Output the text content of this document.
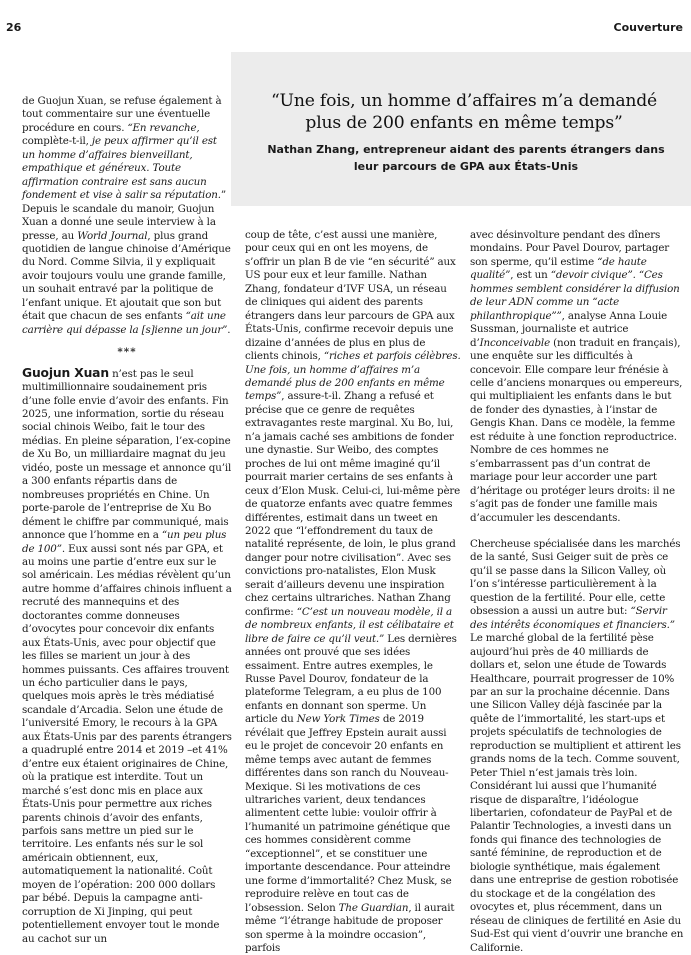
26	Couverture
“Une fois, un homme d’affaires m’a demandé plus de 200 enfants en même temps”
Nathan Zhang, entrepreneur aidant des parents étrangers dans leur parcours de GPA aux États-Unis

de Guojun Xuan, se refuse également à tout commentaire sur une éventuelle procédure en cours. “En revanche, complète-t-il, je peux affirmer qu’il est un homme d’affaires bienveillant, empathique et généreux. Toute affirmation contraire est sans aucun fondement et vise à salir sa réputation.” Depuis le scandale du manoir, Guojun Xuan a donné une seule interview à la presse, au World Journal, plus grand quotidien de langue chinoise d’Amérique du Nord. Comme Silvia, il y expliquait avoir toujours voulu une grande famille, un souhait entravé par la politique de l’enfant unique. Et ajoutait que son but était que chacun de ses enfants “ait une carrière qui dépasse la [s]ienne un jour”.

***

Guojun Xuan n’est pas le seul multimillionnaire soudainement pris d’une folle envie d’avoir des enfants. Fin 2025, une information, sortie du réseau social chinois Weibo, fait le tour des médias. En pleine séparation, l’ex-copine de Xu Bo, un milliardaire magnat du jeu vidéo, poste un message et annonce qu’il a 300 enfants répartis dans de nombreuses propriétés en Chine. Un porte-parole de l’entreprise de Xu Bo dément le chiffre par communiqué, mais annonce que l’homme en a “un peu plus de 100”. Eux aussi sont nés par GPA, et au moins une partie d’entre eux sur le sol américain. Les médias révèlent qu’un autre homme d’affaires chinois influent a recruté des mannequins et des doctorantes comme donneuses d’ovocytes pour concevoir dix enfants aux États-Unis, avec pour objectif que les filles se marient un jour à des hommes puissants. Ces affaires trouvent un écho particulier dans le pays, quelques mois après le très médiatisé scandale d’Arcadia. Selon une étude de l’université Emory, le recours à la GPA aux États-Unis par des parents étrangers a quadruplé entre 2014 et 2019 –et 41% d’entre eux étaient originaires de Chine, où la pratique est interdite. Tout un marché s’est donc mis en place aux États-Unis pour permettre aux riches parents chinois d’avoir des enfants, parfois sans mettre un pied sur le territoire. Les enfants nés sur le sol américain obtiennent, eux, automatiquement la nationalité. Coût moyen de l’opération: 200 000 dollars par bébé. Depuis la campagne anti-corruption de Xi Jinping, qui peut potentiellement envoyer tout le monde au cachot sur un

coup de tête, c’est aussi une manière, pour ceux qui en ont les moyens, de s’offrir un plan B de vie “en sécurité” aux US pour eux et leur famille. Nathan Zhang, fondateur d’IVF USA, un réseau de cliniques qui aident des parents étrangers dans leur parcours de GPA aux États-Unis, confirme recevoir depuis une dizaine d’années de plus en plus de clients chinois, “riches et parfois célèbres. Une fois, un homme d’affaires m’a demandé plus de 200 enfants en même temps”, assure-t-il. Zhang a refusé et précise que ce genre de requêtes extravagantes reste marginal. Xu Bo, lui, n’a jamais caché ses ambitions de fonder une dynastie. Sur Weibo, des comptes proches de lui ont même imaginé qu’il pourrait marier certains de ses enfants à ceux d’Elon Musk. Celui-ci, lui-même père de quatorze enfants avec quatre femmes différentes, estimait dans un tweet en 2022 que “l’effondrement du taux de natalité représente, de loin, le plus grand danger pour notre civilisation”. Avec ses convictions pro-natalistes, Elon Musk serait d’ailleurs devenu une inspiration chez certains ultrariches. Nathan Zhang confirme: “C’est un nouveau modèle, il a de nombreux enfants, il est célibataire et libre de faire ce qu’il veut.” Les dernières années ont prouvé que ses idées essaiment. Entre autres exemples, le Russe Pavel Dourov, fondateur de la plateforme Telegram, a eu plus de 100 enfants en donnant son sperme. Un article du New York Times de 2019 révélait que Jeffrey Epstein aurait aussi eu le projet de concevoir 20 enfants en même temps avec autant de femmes différentes dans son ranch du Nouveau-Mexique. Si les motivations de ces ultrariches varient, deux tendances alimentent cette lubie: vouloir offrir à l’humanité un patrimoine génétique que ces hommes considèrent comme “exceptionnel”, et se constituer une importante descendance. Pour atteindre une forme d’immortalité? Chez Musk, se reproduire relève en tout cas de l’obsession. Selon The Guardian, il aurait même “l’étrange habitude de proposer son sperme à la moindre occasion”, parfois

avec désinvolture pendant des dîners mondains. Pour Pavel Dourov, partager son sperme, qu’il estime “de haute qualité”, est un “devoir civique”. “Ces hommes semblent considérer la diffusion de leur ADN comme un “acte philanthropique””, analyse Anna Louie Sussman, journaliste et autrice d’Inconceivable (non traduit en français), une enquête sur les difficultés à concevoir. Elle compare leur frénésie à celle d’anciens monarques ou empereurs, qui multipliaient les enfants dans le but de fonder des dynasties, à l’instar de Gengis Khan. Dans ce modèle, la femme est réduite à une fonction reproductrice. Nombre de ces hommes ne s’embarrassent pas d’un contrat de mariage pour leur accorder une part d’héritage ou protéger leurs droits: il ne s’agit pas de fonder une famille mais d’accumuler les descendants.

Chercheuse spécialisée dans les marchés de la santé, Susi Geiger suit de près ce qu’il se passe dans la Silicon Valley, où l’on s’intéresse particulièrement à la question de la fertilité. Pour elle, cette obsession a aussi un autre but: “Servir des intérêts économiques et financiers.” Le marché global de la fertilité pèse aujourd’hui près de 40 milliards de dollars et, selon une étude de Towards Healthcare, pourrait progresser de 10% par an sur la prochaine décennie. Dans une Silicon Valley déjà fascinée par la quête de l’immortalité, les start-ups et projets spéculatifs de technologies de reproduction se multiplient et attirent les grands noms de la tech. Comme souvent, Peter Thiel n’est jamais très loin. Considérant lui aussi que l’humanité risque de disparaître, l’idéologue libertarien, cofondateur de PayPal et de Palantir Technologies, a investi dans un fonds qui finance des technologies de santé féminine, de reproduction et de biologie synthétique, mais également dans une entreprise de gestion robotisée du stockage et de la congélation des ovocytes et, plus récemment, dans un réseau de cliniques de fertilité en Asie du Sud-Est qui vient d’ouvrir une branche en Californie.
